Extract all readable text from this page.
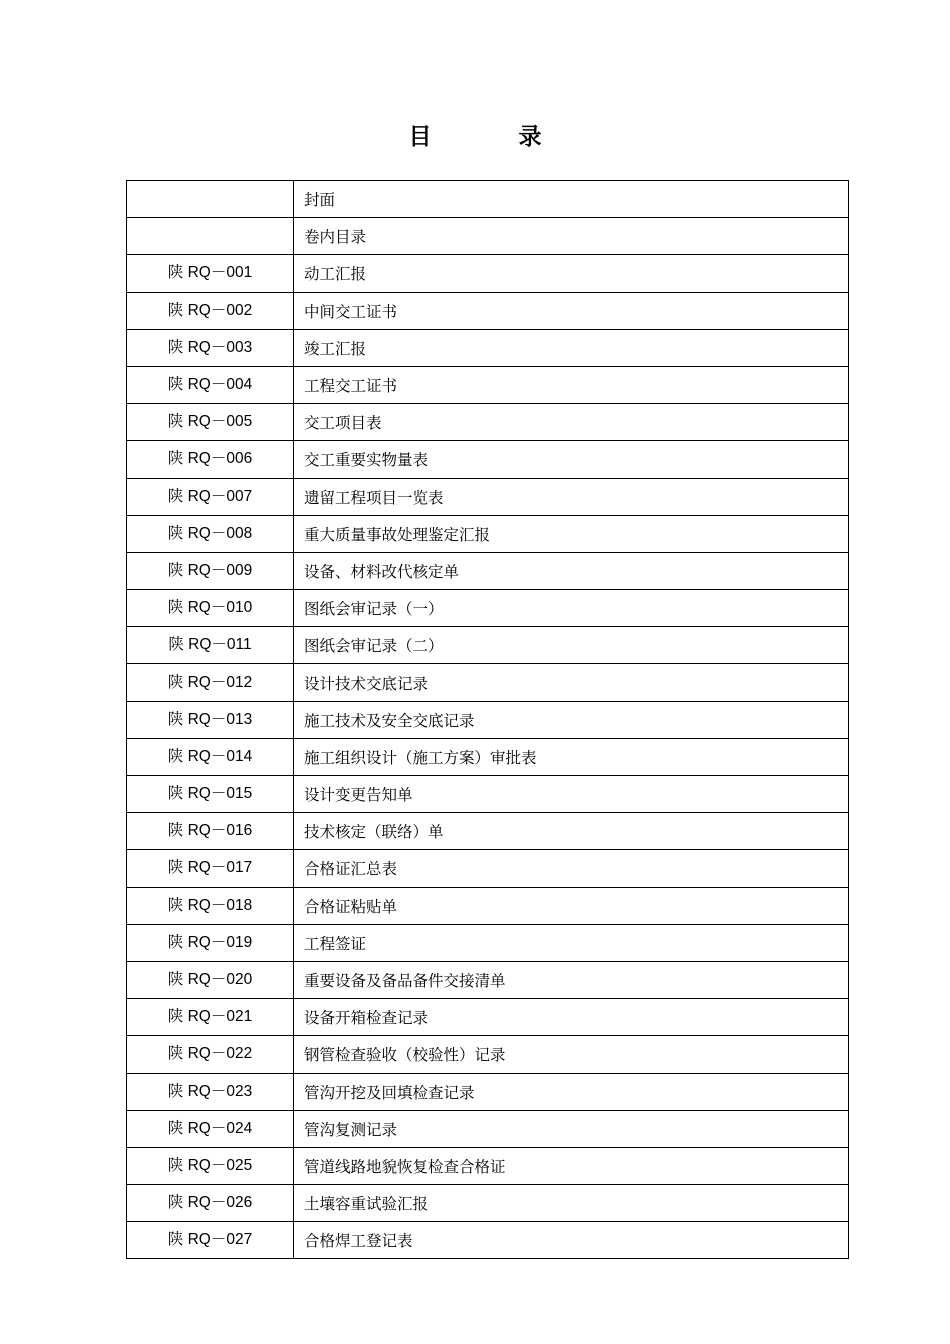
目　录
	封面
	卷内目录
陕 RQ－001	动工汇报
陕 RQ－002	中间交工证书
陕 RQ－003	竣工汇报
陕 RQ－004	工程交工证书
陕 RQ－005	交工项目表
陕 RQ－006	交工重要实物量表
陕 RQ－007	遗留工程项目一览表
陕 RQ－008	重大质量事故处理鉴定汇报
陕 RQ－009	设备、材料改代核定单
陕 RQ－010	图纸会审记录（一）
陕 RQ－011	图纸会审记录（二）
陕 RQ－012	设计技术交底记录
陕 RQ－013	施工技术及安全交底记录
陕 RQ－014	施工组织设计（施工方案）审批表
陕 RQ－015	设计变更告知单
陕 RQ－016	技术核定（联络）单
陕 RQ－017	合格证汇总表
陕 RQ－018	合格证粘贴单
陕 RQ－019	工程签证
陕 RQ－020	重要设备及备品备件交接清单
陕 RQ－021	设备开箱检查记录
陕 RQ－022	钢管检查验收（校验性）记录
陕 RQ－023	管沟开挖及回填检查记录
陕 RQ－024	管沟复测记录
陕 RQ－025	管道线路地貌恢复检查合格证
陕 RQ－026	土壤容重试验汇报
陕 RQ－027	合格焊工登记表
